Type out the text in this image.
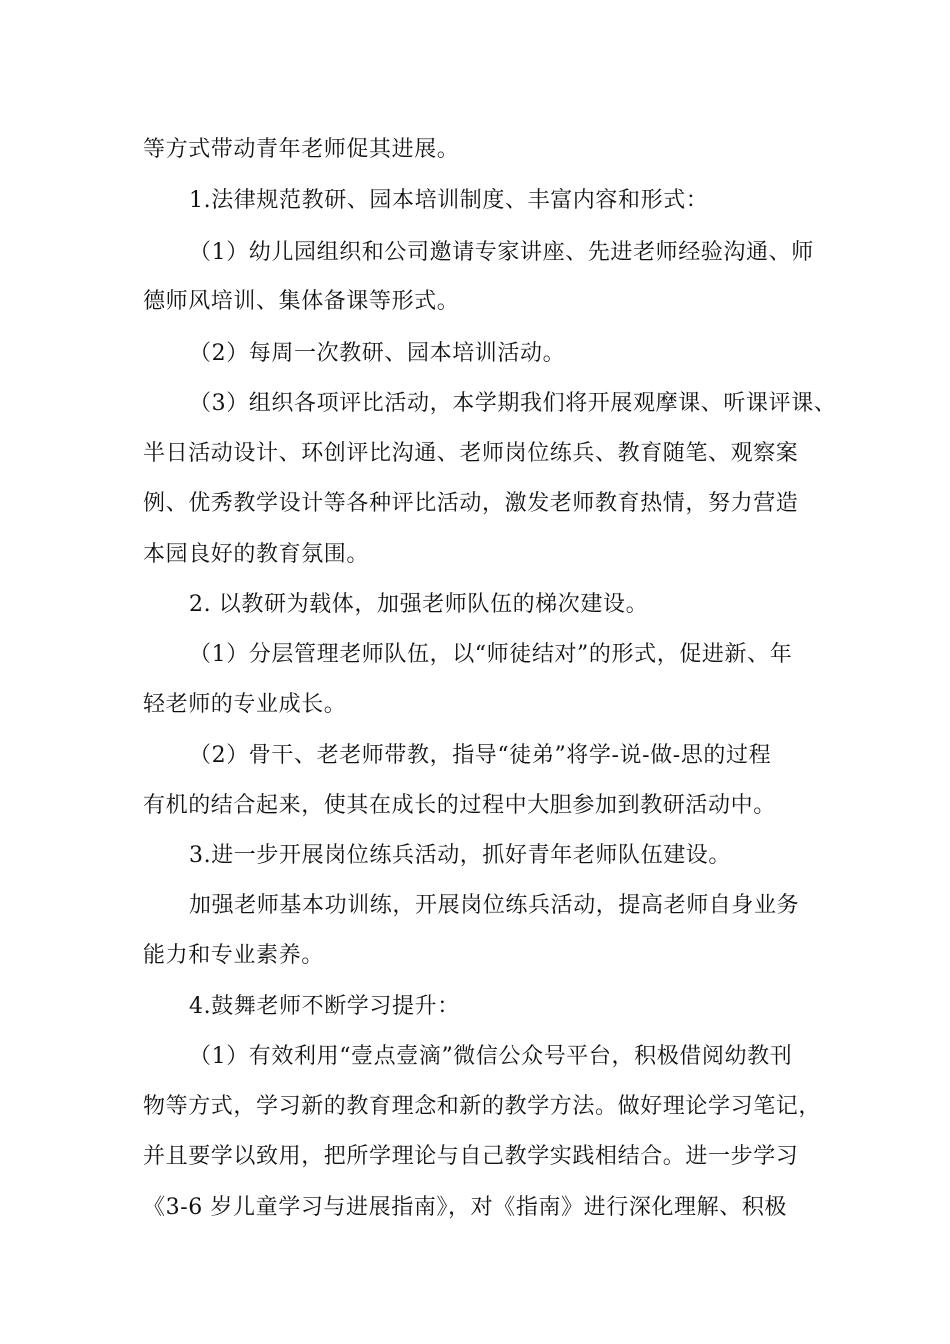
等方式带动青年老师促其进展。
1.法律规范教研、园本培训制度、丰富内容和形式：
（1）幼儿园组织和公司邀请专家讲座、先进老师经验沟通、师
德师风培训、集体备课等形式。
（2）每周一次教研、园本培训活动。
（3）组织各项评比活动，本学期我们将开展观摩课、听课评课、
半日活动设计、环创评比沟通、老师岗位练兵、教育随笔、观察案
例、优秀教学设计等各种评比活动，激发老师教育热情，努力营造
本园良好的教育氛围。
2. 以教研为载体，加强老师队伍的梯次建设。
（1）分层管理老师队伍，以“师徒结对”的形式，促进新、年
轻老师的专业成长。
（2）骨干、老老师带教，指导“徒弟”将学-说-做-思的过程
有机的结合起来，使其在成长的过程中大胆参加到教研活动中。
3.进一步开展岗位练兵活动，抓好青年老师队伍建设。
加强老师基本功训练，开展岗位练兵活动，提高老师自身业务
能力和专业素养。
4.鼓舞老师不断学习提升：
（1）有效利用“壹点壹滴”微信公众号平台，积极借阅幼教刊
物等方式，学习新的教育理念和新的教学方法。做好理论学习笔记，
并且要学以致用，把所学理论与自己教学实践相结合。进一步学习
《3-6 岁儿童学习与进展指南》，对《指南》进行深化理解、积极
